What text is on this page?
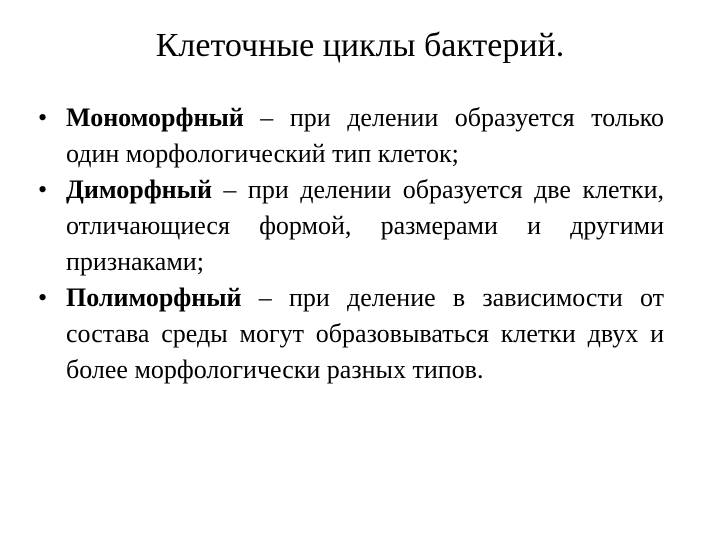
Клеточные циклы бактерий.
• Мономорфный – при делении образуется только один морфологический тип клеток;
• Диморфный – при делении образуется две клетки, отличающиеся формой, размерами и другими признаками;
• Полиморфный – при деление в зависимости от состава среды могут образовываться клетки двух и более морфологически разных типов.
